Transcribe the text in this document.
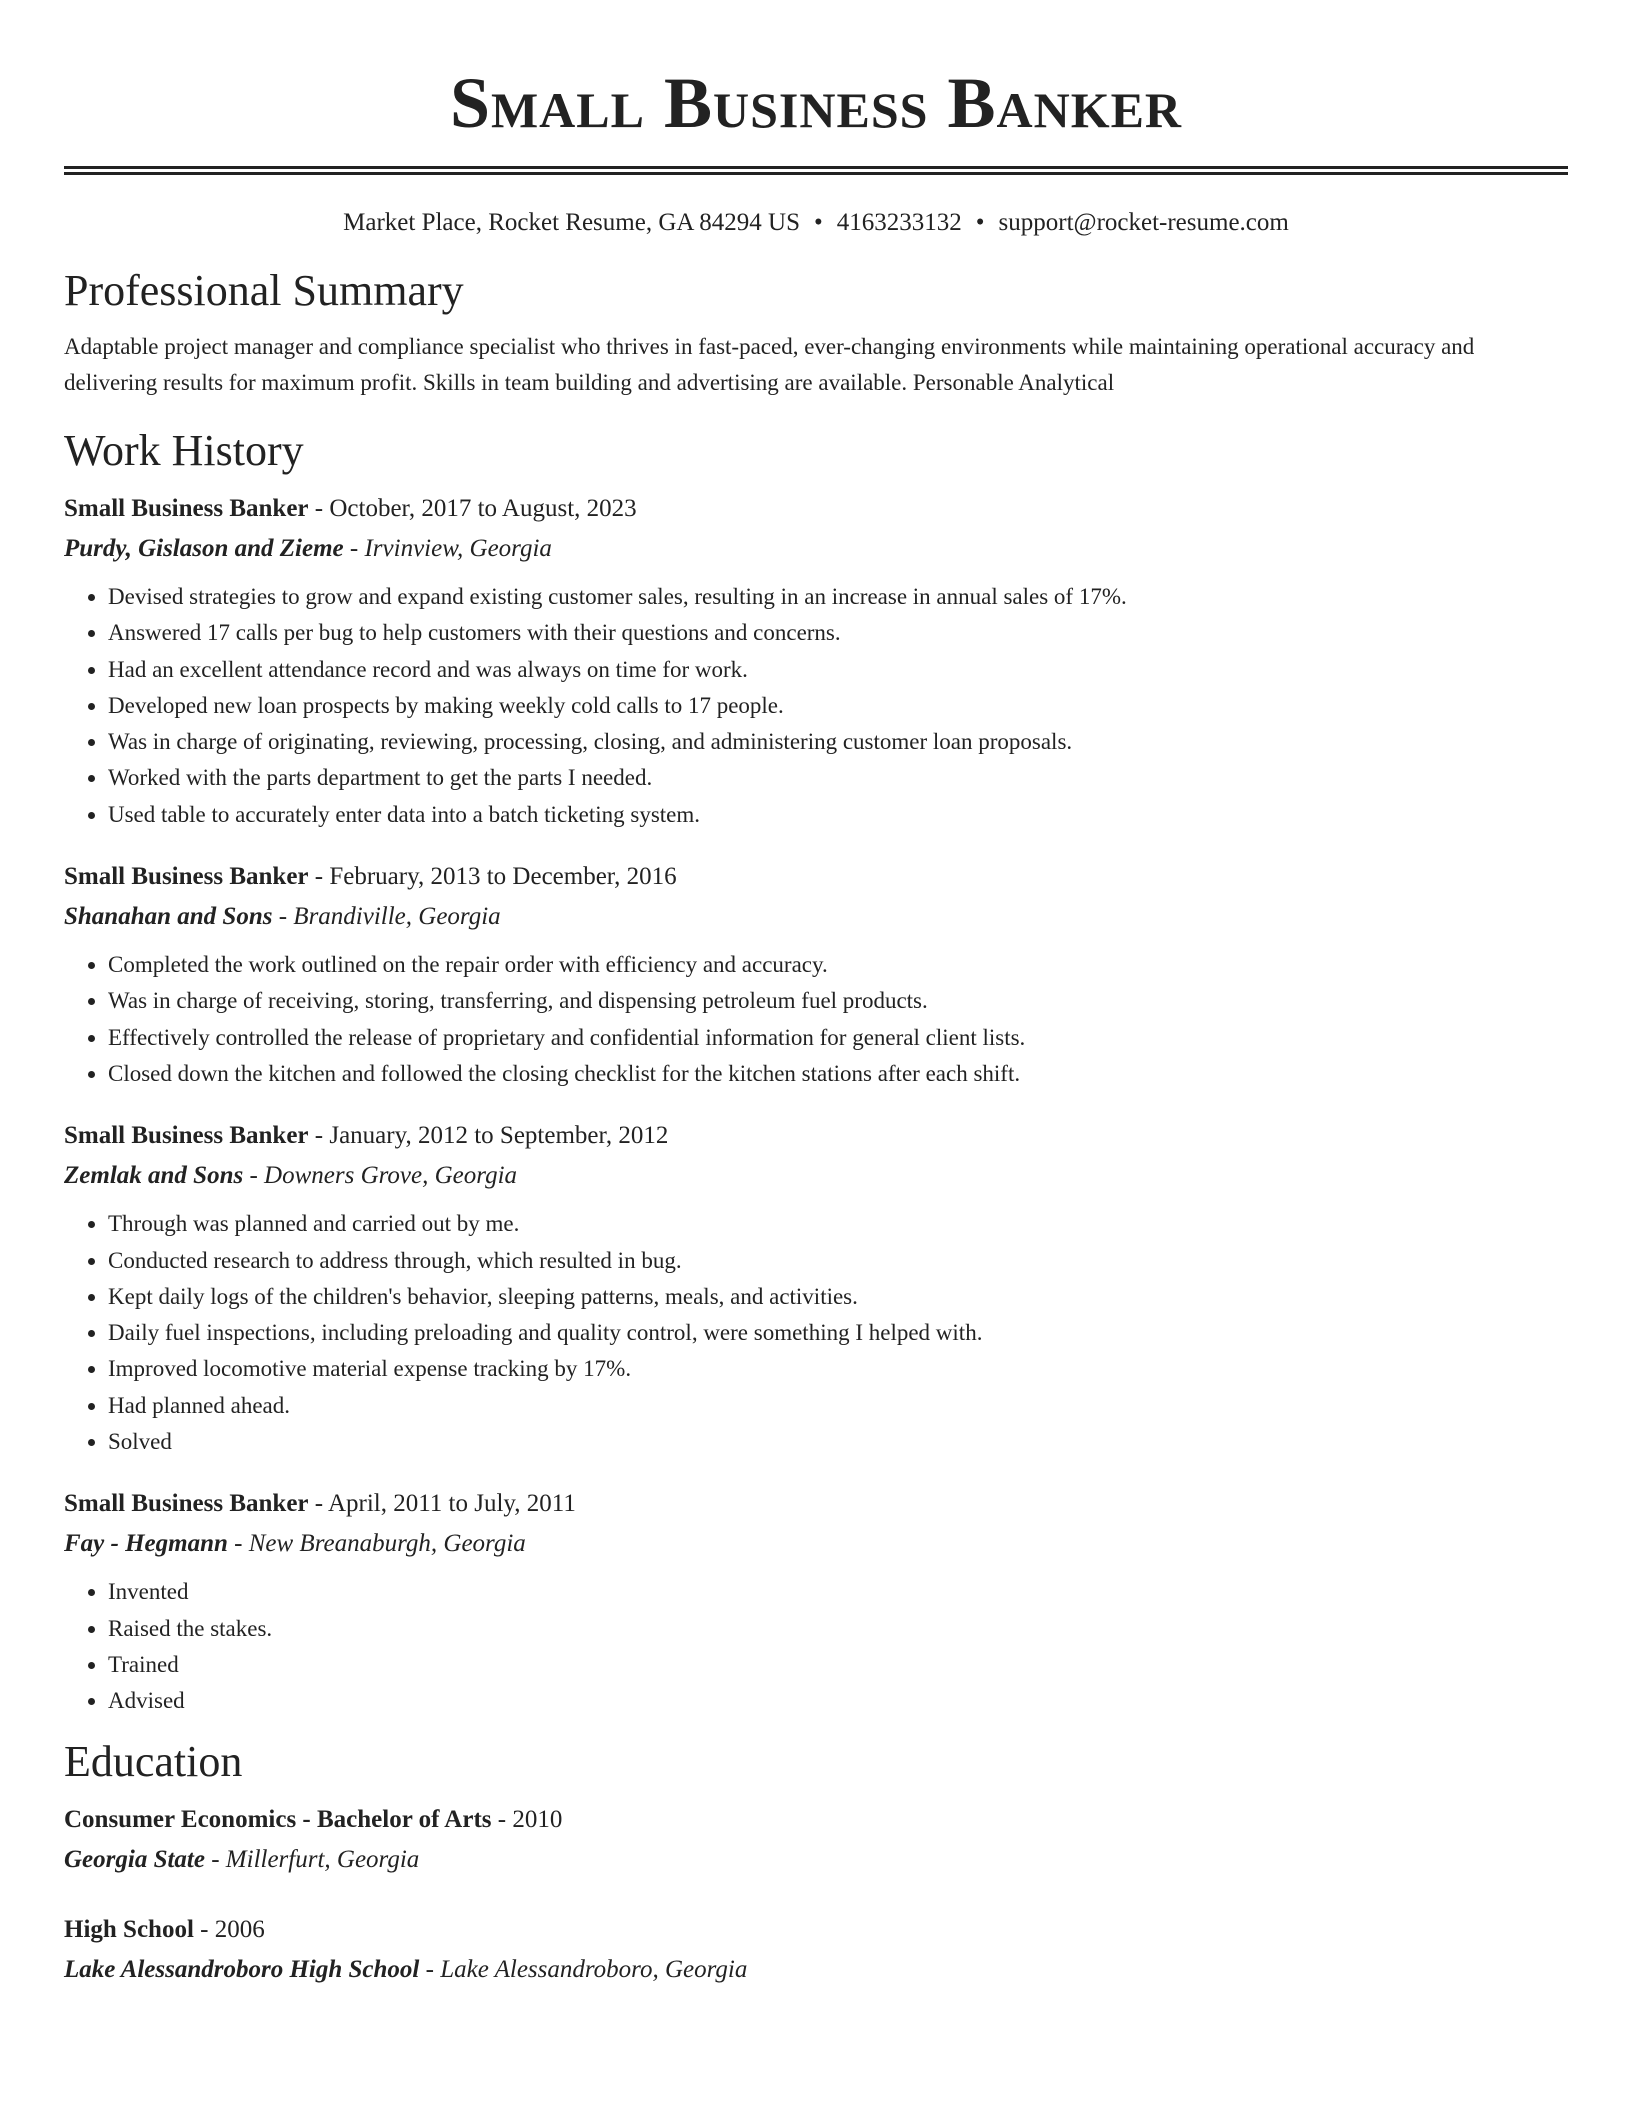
Small Business Banker
Market Place, Rocket Resume, GA 84294 US • 4163233132 • support@rocket-resume.com
Professional Summary
Adaptable project manager and compliance specialist who thrives in fast-paced, ever-changing environments while maintaining operational accuracy and delivering results for maximum profit. Skills in team building and advertising are available. Personable Analytical
Work History
Small Business Banker - October, 2017 to August, 2023
Purdy, Gislason and Zieme - Irvinview, Georgia
• Devised strategies to grow and expand existing customer sales, resulting in an increase in annual sales of 17%.
• Answered 17 calls per bug to help customers with their questions and concerns.
• Had an excellent attendance record and was always on time for work.
• Developed new loan prospects by making weekly cold calls to 17 people.
• Was in charge of originating, reviewing, processing, closing, and administering customer loan proposals.
• Worked with the parts department to get the parts I needed.
• Used table to accurately enter data into a batch ticketing system.
Small Business Banker - February, 2013 to December, 2016
Shanahan and Sons - Brandiville, Georgia
• Completed the work outlined on the repair order with efficiency and accuracy.
• Was in charge of receiving, storing, transferring, and dispensing petroleum fuel products.
• Effectively controlled the release of proprietary and confidential information for general client lists.
• Closed down the kitchen and followed the closing checklist for the kitchen stations after each shift.
Small Business Banker - January, 2012 to September, 2012
Zemlak and Sons - Downers Grove, Georgia
• Through was planned and carried out by me.
• Conducted research to address through, which resulted in bug.
• Kept daily logs of the children's behavior, sleeping patterns, meals, and activities.
• Daily fuel inspections, including preloading and quality control, were something I helped with.
• Improved locomotive material expense tracking by 17%.
• Had planned ahead.
• Solved
Small Business Banker - April, 2011 to July, 2011
Fay - Hegmann - New Breanaburgh, Georgia
• Invented
• Raised the stakes.
• Trained
• Advised
Education
Consumer Economics - Bachelor of Arts - 2010
Georgia State - Millerfurt, Georgia
High School - 2006
Lake Alessandroboro High School - Lake Alessandroboro, Georgia
